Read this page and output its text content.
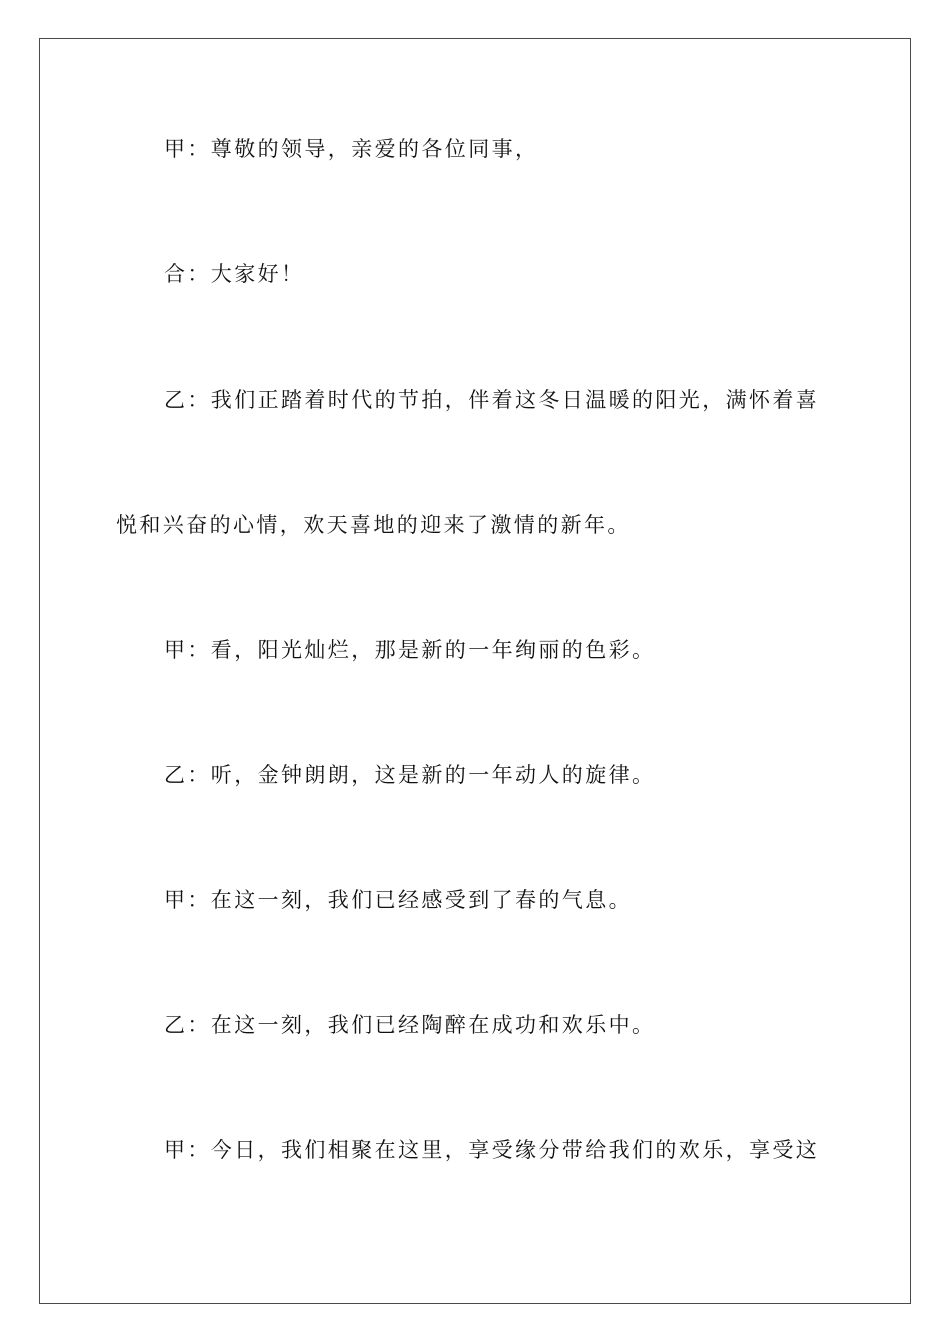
甲：尊敬的领导，亲爱的各位同事，
合：大家好！
乙：我们正踏着时代的节拍，伴着这冬日温暖的阳光，满怀着喜
悦和兴奋的心情，欢天喜地的迎来了激情的新年。
甲：看，阳光灿烂，那是新的一年绚丽的色彩。
乙：听，金钟朗朗，这是新的一年动人的旋律。
甲：在这一刻，我们已经感受到了春的气息。
乙：在这一刻，我们已经陶醉在成功和欢乐中。
甲：今日，我们相聚在这里，享受缘分带给我们的欢乐，享受这
